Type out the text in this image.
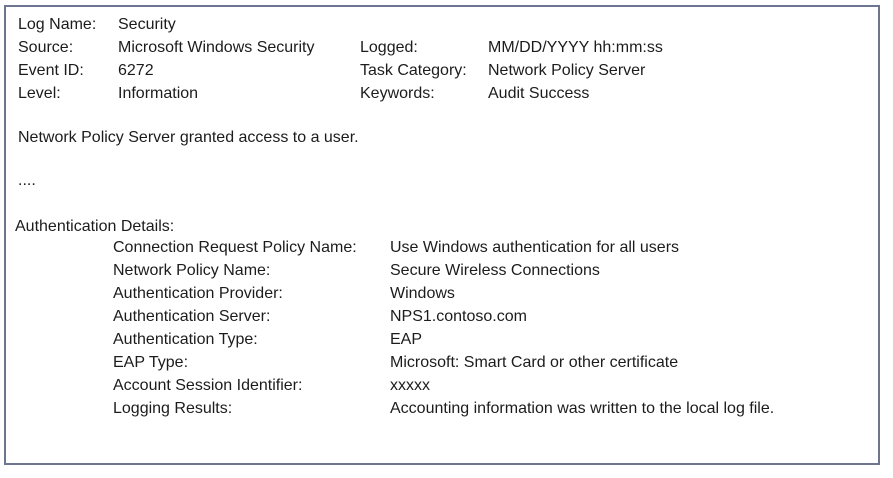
Log Name:	Security
Source:	Microsoft Windows Security	Logged:	MM/DD/YYYY hh:mm:ss
Event ID:	6272	Task Category:	Network Policy Server
Level:	Information	Keywords:	Audit Success
Network Policy Server granted access to a user.
....
Authentication Details:
Connection Request Policy Name:	Use Windows authentication for all users
Network Policy Name:	Secure Wireless Connections
Authentication Provider:	Windows
Authentication Server:	NPS1.contoso.com
Authentication Type:	EAP
EAP Type:	Microsoft: Smart Card or other certificate
Account Session Identifier:	xxxxx
Logging Results:	Accounting information was written to the local log file.
